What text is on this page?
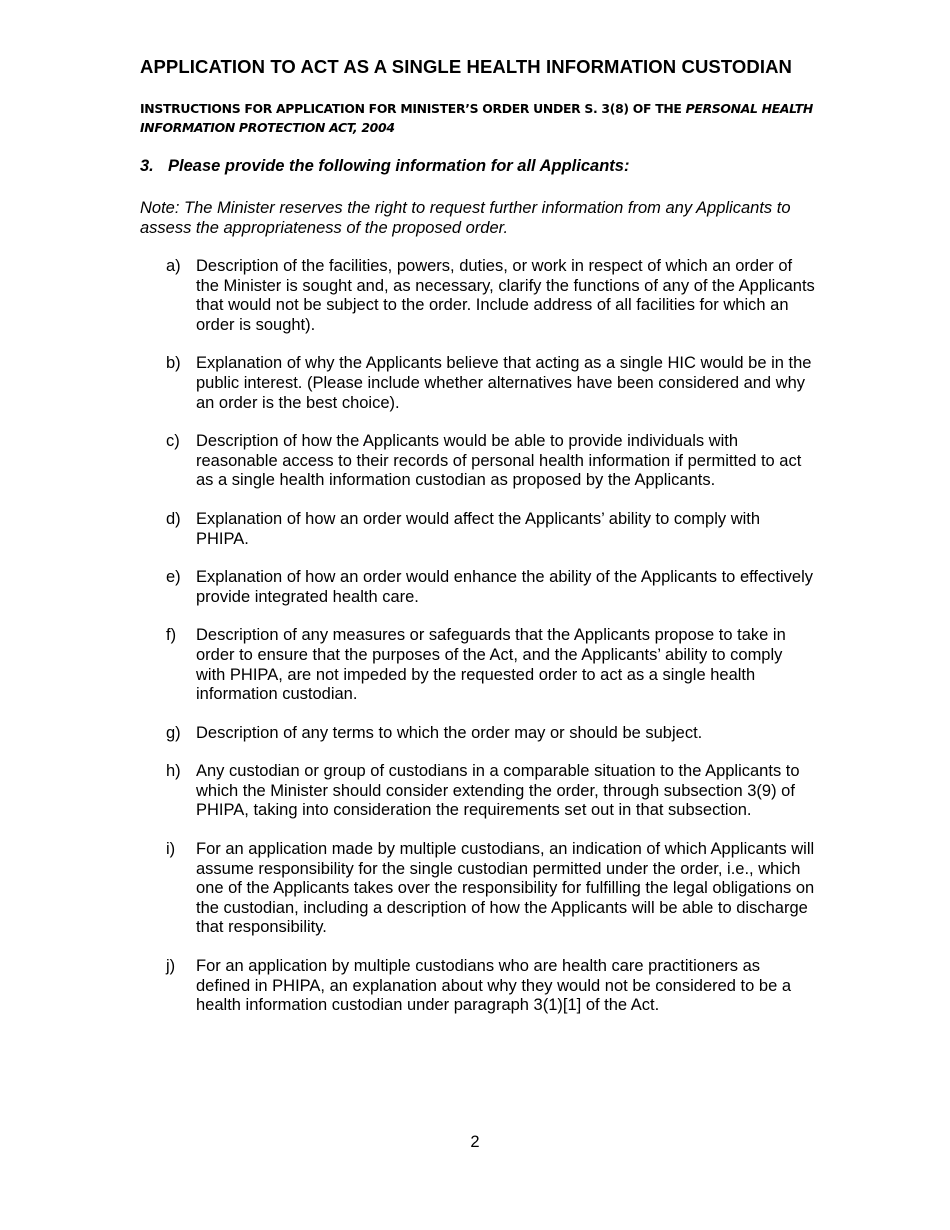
APPLICATION TO ACT AS A SINGLE HEALTH INFORMATION CUSTODIAN
INSTRUCTIONS FOR APPLICATION FOR MINISTER’S ORDER UNDER S. 3(8) OF THE PERSONAL HEALTH INFORMATION PROTECTION ACT, 2004
3. Please provide the following information for all Applicants:
Note: The Minister reserves the right to request further information from any Applicants to assess the appropriateness of the proposed order.
a) Description of the facilities, powers, duties, or work in respect of which an order of the Minister is sought and, as necessary, clarify the functions of any of the Applicants that would not be subject to the order. Include address of all facilities for which an order is sought).
b) Explanation of why the Applicants believe that acting as a single HIC would be in the public interest. (Please include whether alternatives have been considered and why an order is the best choice).
c) Description of how the Applicants would be able to provide individuals with reasonable access to their records of personal health information if permitted to act as a single health information custodian as proposed by the Applicants.
d) Explanation of how an order would affect the Applicants’ ability to comply with PHIPA.
e) Explanation of how an order would enhance the ability of the Applicants to effectively provide integrated health care.
f)	Description of any measures or safeguards that the Applicants propose to take in order to ensure that the purposes of the Act, and the Applicants’ ability to comply with PHIPA, are not impeded by the requested order to act as a single health information custodian.
g) Description of any terms to which the order may or should be subject.
h) Any custodian or group of custodians in a comparable situation to the Applicants to which the Minister should consider extending the order, through subsection 3(9) of PHIPA, taking into consideration the requirements set out in that subsection.
i)	For an application made by multiple custodians, an indication of which Applicants will assume responsibility for the single custodian permitted under the order, i.e., which one of the Applicants takes over the responsibility for fulfilling the legal obligations on the custodian, including a description of how the Applicants will be able to discharge that responsibility.
j)	For an application by multiple custodians who are health care practitioners as defined in PHIPA, an explanation about why they would not be considered to be a health information custodian under paragraph 3(1)[1] of the Act.
2
